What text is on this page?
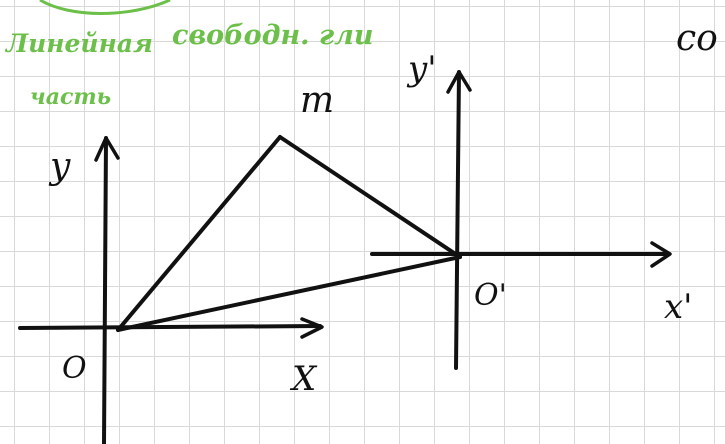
Линейная
часть
свободн. гли	со
y
O	X
m
y'
O'	x'
